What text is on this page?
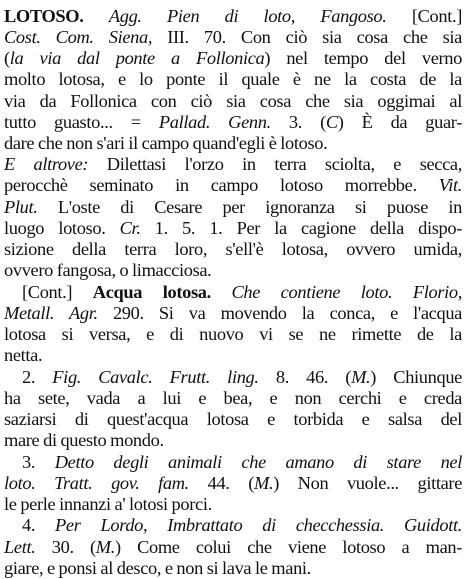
LOTOSO. Agg. Pien di loto, Fangoso. [Cont.]
Cost. Com. Siena, III. 70. Con ciò sia cosa che sia
(la via dal ponte a Follonica) nel tempo del verno
molto lotosa, e lo ponte il quale è ne la costa de la
via da Follonica con ciò sia cosa che sia oggimai al
tutto guasto... = Pallad. Genn. 3. (C) È da guar-
dare che non s'ari il campo quand'egli è lotoso.
E altrove: Dilettasi l'orzo in terra sciolta, e secca,
perocchè seminato in campo lotoso morrebbe. Vit.
Plut. L'oste di Cesare per ignoranza si puose in
luogo lotoso. Cr. 1. 5. 1. Per la cagione della dispo-
sizione della terra loro, s'ell'è lotosa, ovvero umida,
ovvero fangosa, o limacciosa.
[Cont.] Acqua lotosa. Che contiene loto. Florio,
Metall. Agr. 290. Si va movendo la conca, e l'acqua
lotosa si versa, e di nuovo vi se ne rimette de la
netta.
2. Fig. Cavalc. Frutt. ling. 8. 46. (M.) Chiunque
ha sete, vada a lui e bea, e non cerchi e creda
saziarsi di quest'acqua lotosa e torbida e salsa del
mare di questo mondo.
3. Detto degli animali che amano di stare nel
loto. Tratt. gov. fam. 44. (M.) Non vuole... gittare
le perle innanzi a' lotosi porci.
4. Per Lordo, Imbrattato di checchessia. Guidott.
Lett. 30. (M.) Come colui che viene lotoso a man-
giare, e ponsi al desco, e non si lava le mani.
